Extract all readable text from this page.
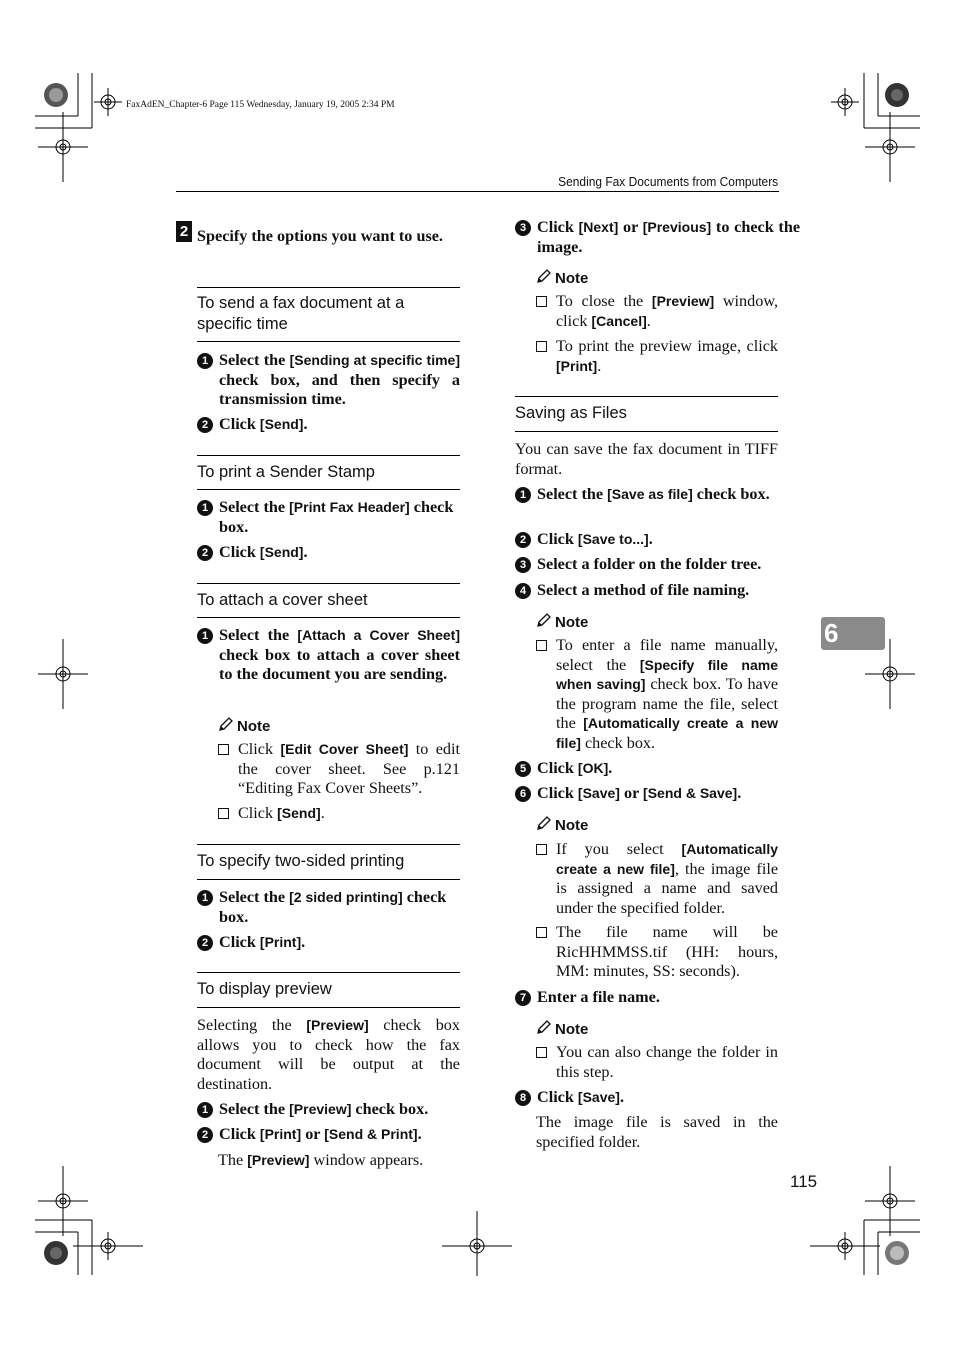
FaxAdEN_Chapter-6 Page 115 Wednesday, January 19, 2005 2:34 PM
Sending Fax Documents from Computers
2 Specify the options you want to use.
To send a fax document at a specific time
1 Select the [Sending at specific time] check box, and then specify a transmission time.
2 Click [Send].
To print a Sender Stamp
1 Select the [Print Fax Header] check box.
2 Click [Send].
To attach a cover sheet
1 Select the [Attach a Cover Sheet] check box to attach a cover sheet to the document you are sending.
Note
Click [Edit Cover Sheet] to edit the cover sheet. See p.121 “Editing Fax Cover Sheets”.
Click [Send].
To specify two-sided printing
1 Select the [2 sided printing] check box.
2 Click [Print].
To display preview
Selecting the [Preview] check box allows you to check how the fax document will be output at the destination.
1 Select the [Preview] check box.
2 Click [Print] or [Send & Print].
The [Preview] window appears.
3 Click [Next] or [Previous] to check the image.
Note
To close the [Preview] window, click [Cancel].
To print the preview image, click [Print].
Saving as Files
You can save the fax document in TIFF format.
1 Select the [Save as file] check box.
2 Click [Save to...].
3 Select a folder on the folder tree.
4 Select a method of file naming.
Note
To enter a file name manually, select the [Specify file name when saving] check box. To have the program name the file, select the [Automatically create a new file] check box.
5 Click [OK].
6 Click [Save] or [Send & Save].
Note
If you select [Automatically create a new file], the image file is assigned a name and saved under the specified folder.
The file name will be RicHHMMSS.tif (HH: hours, MM: minutes, SS: seconds).
7 Enter a file name.
Note
You can also change the folder in this step.
8 Click [Save].
The image file is saved in the specified folder.
6
115
